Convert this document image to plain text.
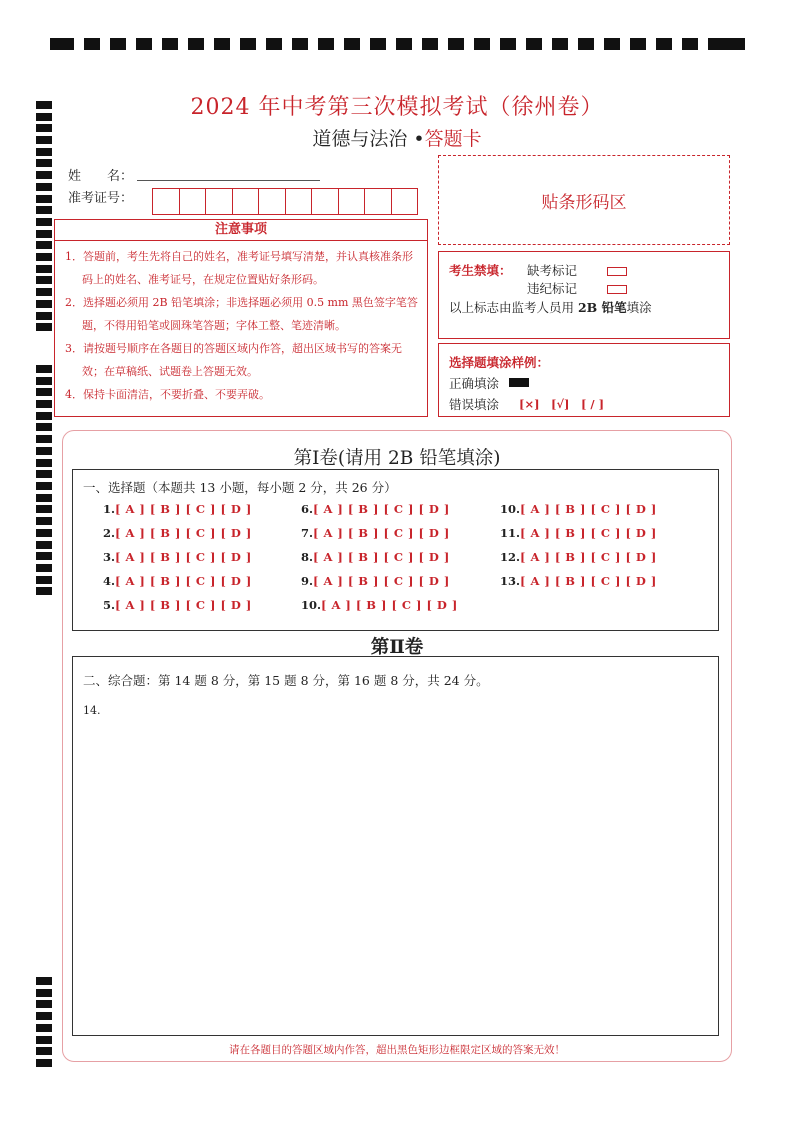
2024 年中考第三次模拟考试（徐州卷）
道德与法治 •答题卡
姓　　名：
准考证号：	贴条形码区
注意事项
1．答题前，考生先将自己的姓名，准考证号填写清楚，并认真核准条形码上的姓名、准考证号，在规定位置贴好条形码。
2．选择题必须用 2B 铅笔填涂；非选择题必须用 0.5 mm 黑色签字笔答题，不得用铅笔或圆珠笔答题；字体工整、笔迹清晰。
3．请按题号顺序在各题目的答题区域内作答，超出区域书写的答案无效；在草稿纸、试题卷上答题无效。
4．保持卡面清洁，不要折叠、不要弄破。
考生禁填： 缺考标记
违纪标记
以上标志由监考人员用 2B 铅笔填涂
选择题填涂样例：
正确填涂
错误填涂 [×]　[√]　[ / ]
第Ⅰ卷(请用 2B 铅笔填涂)
一、选择题（本题共 13 小题，每小题 2 分，共 26 分）
1.[ A ] [ B ] [ C ] [ D ]
2.[ A ] [ B ] [ C ] [ D ]
3.[ A ] [ B ] [ C ] [ D ]
4.[ A ] [ B ] [ C ] [ D ]
5.[ A ] [ B ] [ C ] [ D ]
6.[ A ] [ B ] [ C ] [ D ]
7.[ A ] [ B ] [ C ] [ D ]
8.[ A ] [ B ] [ C ] [ D ]
9.[ A ] [ B ] [ C ] [ D ]
10.[ A ] [ B ] [ C ] [ D ]
10.[ A ] [ B ] [ C ] [ D ]
11.[ A ] [ B ] [ C ] [ D ]
12.[ A ] [ B ] [ C ] [ D ]
13.[ A ] [ B ] [ C ] [ D ]
第Ⅱ卷
二、综合题：第 14 题 8 分，第 15 题 8 分，第 16 题 8 分，共 24 分。
14.
请在各题目的答题区域内作答，超出黑色矩形边框限定区域的答案无效！
